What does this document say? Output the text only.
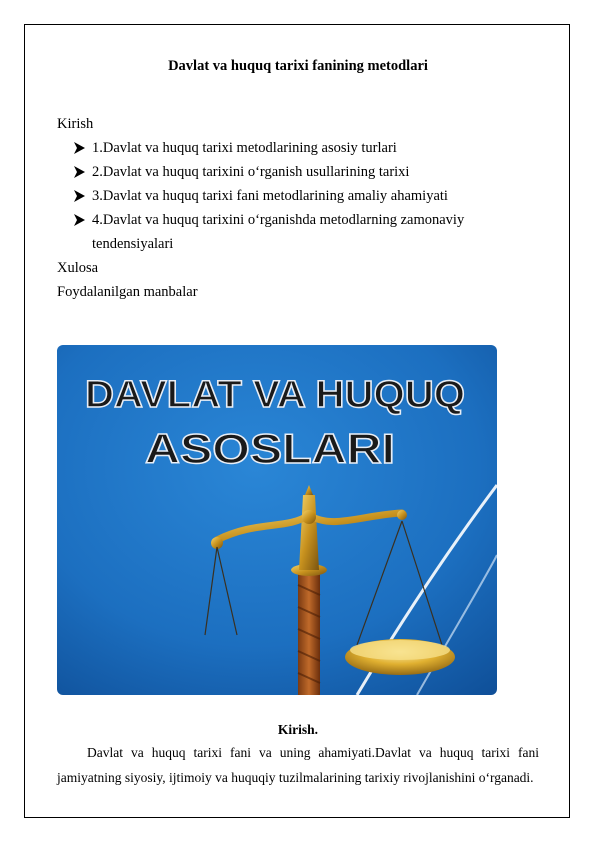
Davlat va huquq tarixi fanining metodlari
Kirish
1.Davlat va huquq tarixi metodlarining asosiy turlari
2.Davlat va huquq tarixini o‘rganish usullarining tarixi
3.Davlat va huquq tarixi fani metodlarining amaliy ahamiyati
4.Davlat va huquq tarixini o‘rganishda metodlarning zamonaviy
tendensiyalari
Xulosa
Foydalanilgan manbalar
DAVLAT VA HUQUQ
ASOSLARI
Kirish.
Davlat va huquq tarixi fani va uning ahamiyati.Davlat va huquq tarixi fani
jamiyatning siyosiy, ijtimoiy va huquqiy tuzilmalarining tarixiy rivojlanishini o‘rganadi.
